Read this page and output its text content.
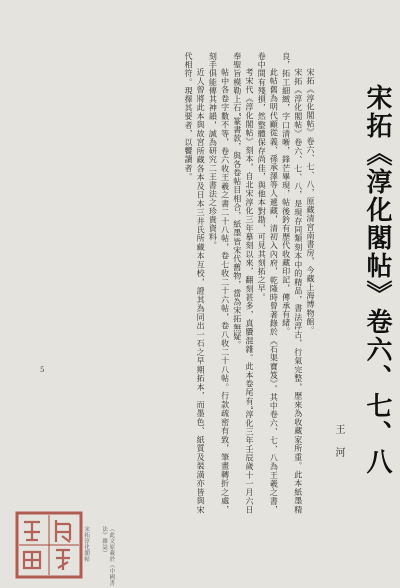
宋拓《淳化閣帖》卷六、七、八
王 河

宋拓《淳化閣帖》卷六、七、八，原藏清宮南書房，今藏上海博物館。

宋拓《淳化閣帖》卷六、七、八，是現存同類刻本中的精品，書法淳古，行氣完整，歷來為收藏家所重。此本紙墨精良，拓工細緻，字口清晰，鋒芒畢現，帖後鈐有歷代收藏印記，傳承有緒。

此帖舊為明代顧從義、孫承澤等人遞藏，清初入內府，乾隆時曾著錄於《石渠寶笈》。其中卷六、七、八為王羲之書，卷中間有殘損，然整體保存尚佳，與他本對勘，可見其刻拓之早。

考宋代《淳化閣帖》刻本，自北宋淳化三年摹刻以來，翻刻甚多，真贗混雜。此本卷尾有“淳化三年壬辰歲十一月六日奉聖旨模勒上石”篆書款，與各卷帖目相合，紙墨皆宋代舊物，當為宋拓無疑。

帖中各卷字數不等，卷六收王羲之書二十八帖，卷七收二十六帖，卷八收二十八帖。行款疏密有致，筆畫轉折之處，刻手俱能傳其神韻，誠為研究二王書法之珍貴資料。

近人曾將此本與故宮所藏各本及日本三井氏所藏本互校，證其為同出一石之早期拓本，而墨色、紙質及裝潢亦皆與宋代相符。現擇其要者，以饗讀者。

5
（此文原載於《中國書法》雜誌）
宋拓淳化閣帖
